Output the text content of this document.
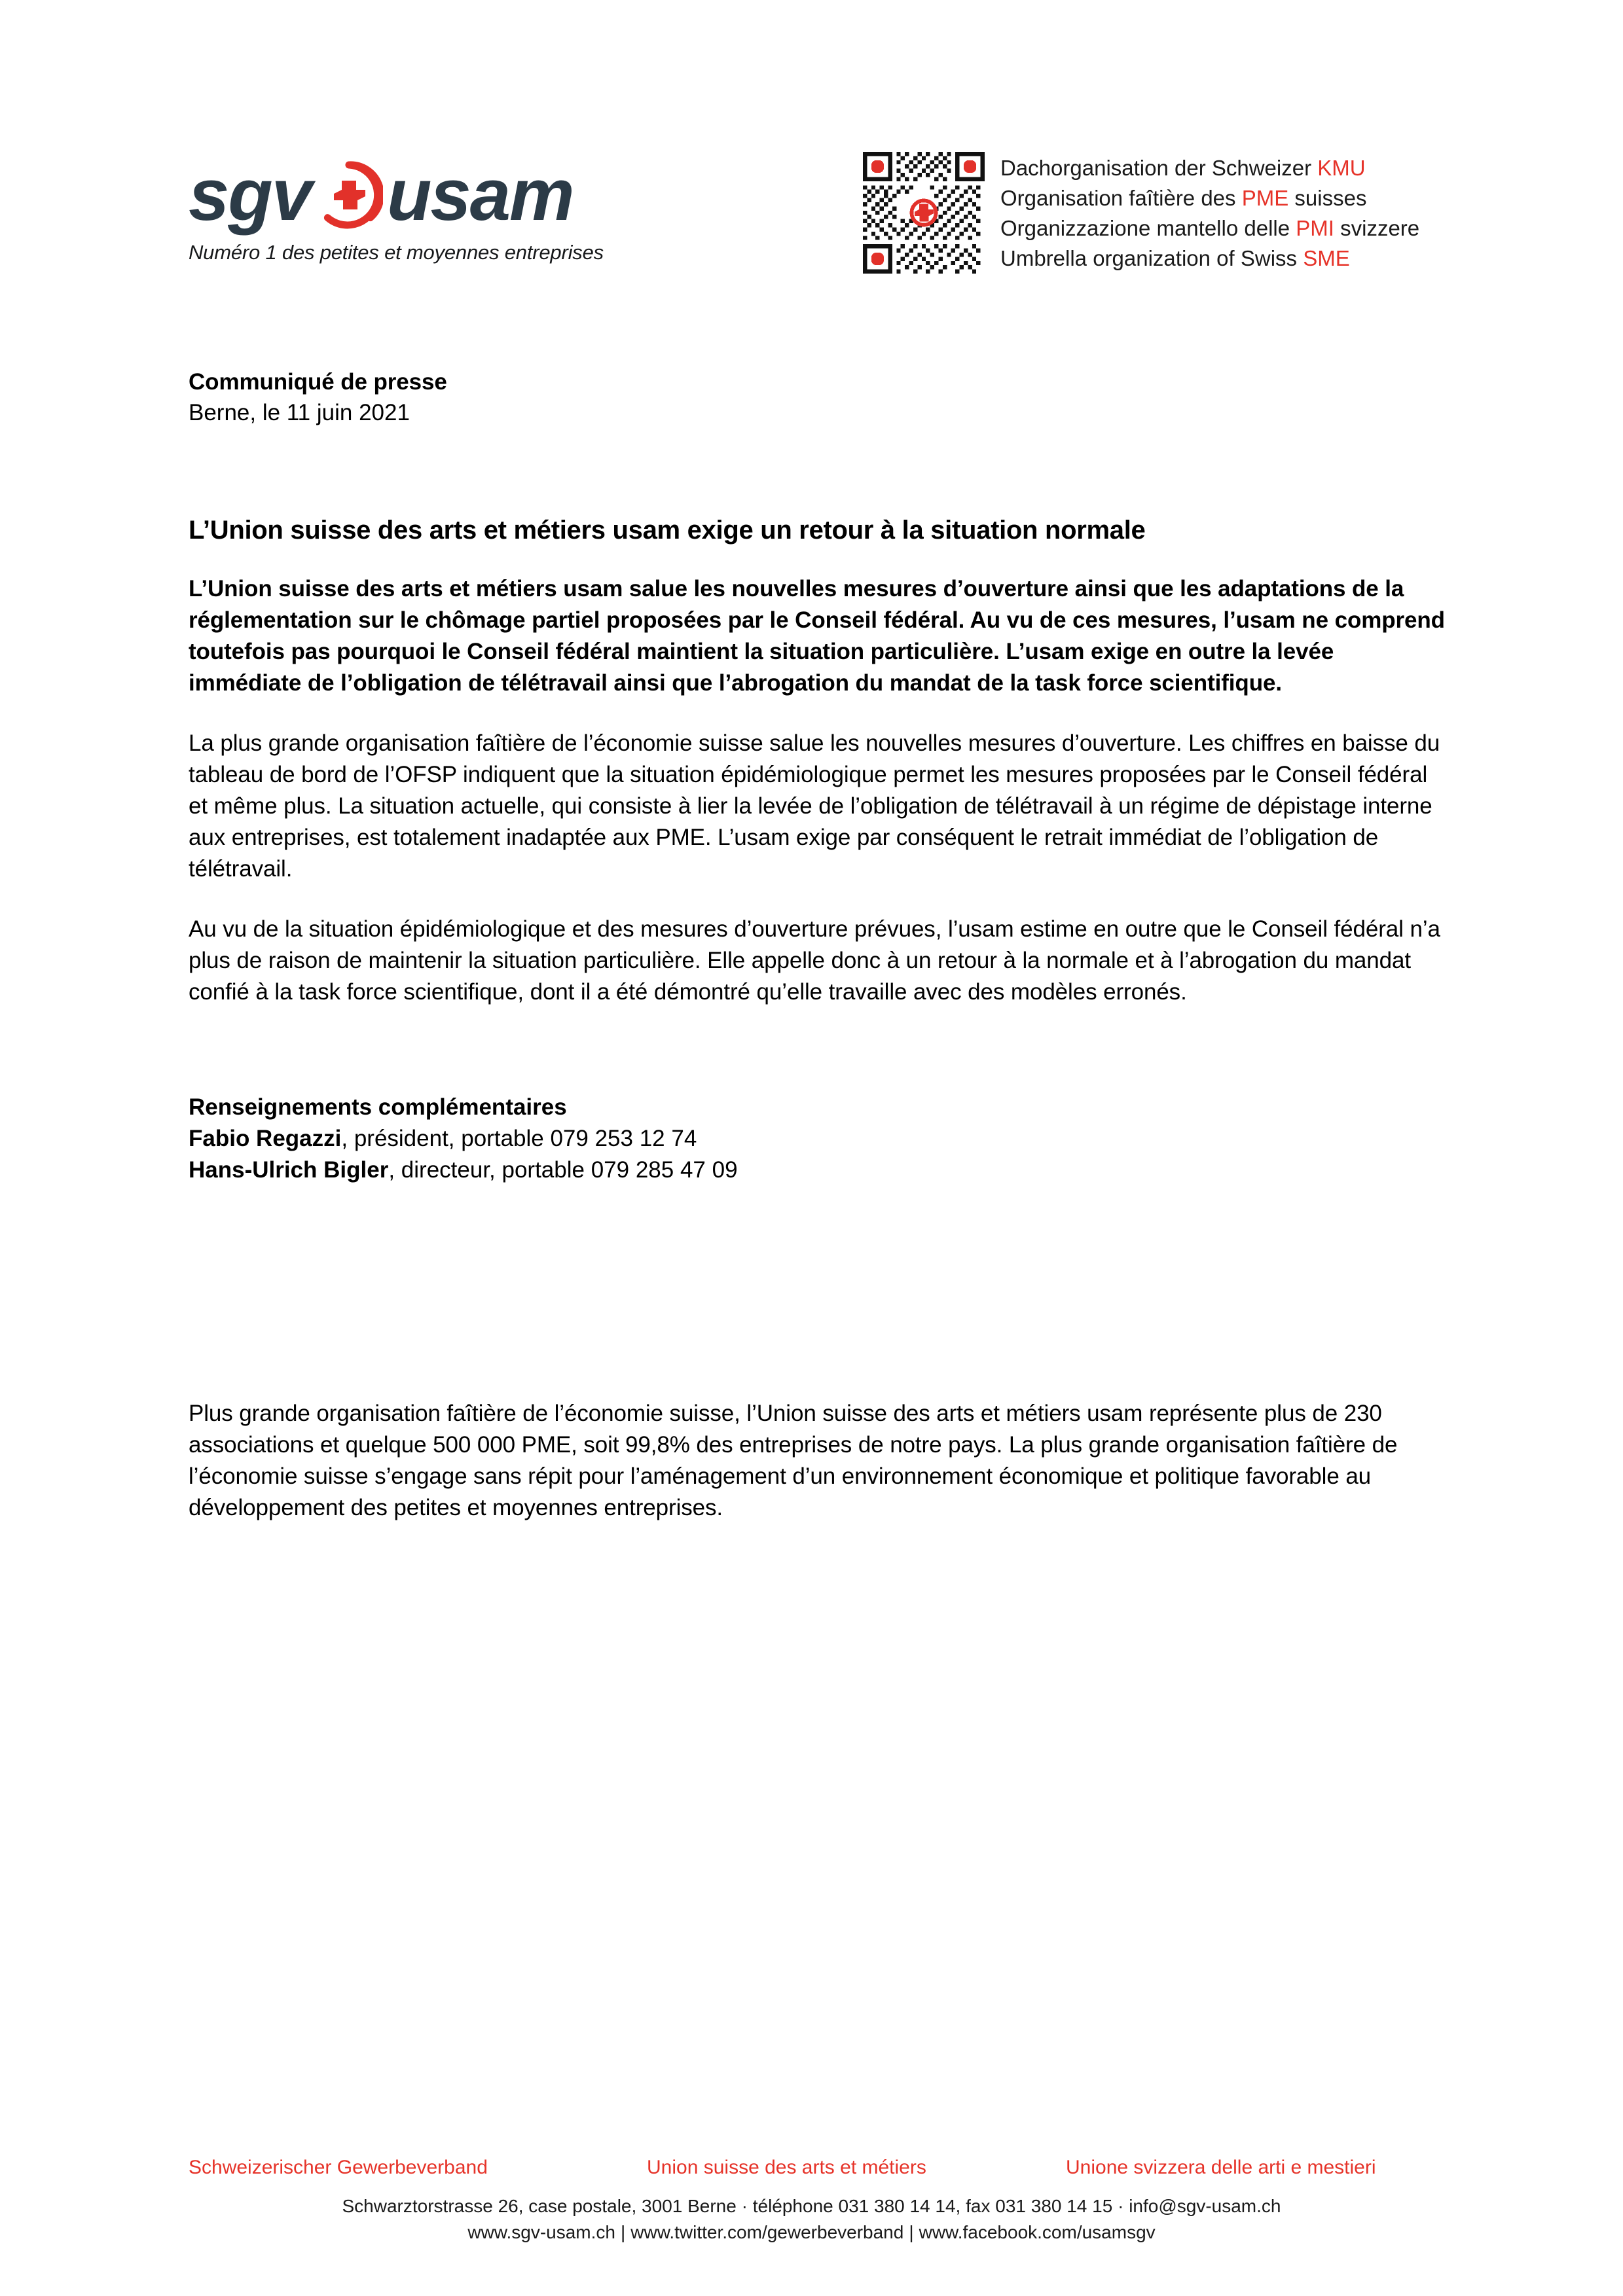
sgv usam
Numéro 1 des petites et moyennes entreprises
Dachorganisation der Schweizer KMU
Organisation faîtière des PME suisses
Organizzazione mantello delle PMI svizzere
Umbrella organization of Swiss SME
Communiqué de presse
Berne, le 11 juin 2021
L’Union suisse des arts et métiers usam exige un retour à la situation normale
L’Union suisse des arts et métiers usam salue les nouvelles mesures d’ouverture ainsi que les adaptations de la réglementation sur le chômage partiel proposées par le Conseil fédéral. Au vu de ces mesures, l’usam ne comprend toutefois pas pourquoi le Conseil fédéral maintient la situation particulière. L’usam exige en outre la levée immédiate de l’obligation de télétravail ainsi que l’abrogation du mandat de la task force scientifique.
La plus grande organisation faîtière de l’économie suisse salue les nouvelles mesures d’ouverture. Les chiffres en baisse du tableau de bord de l’OFSP indiquent que la situation épidémiologique permet les mesures proposées par le Conseil fédéral et même plus. La situation actuelle, qui consiste à lier la levée de l’obligation de télétravail à un régime de dépistage interne aux entreprises, est totalement inadaptée aux PME. L’usam exige par conséquent le retrait immédiat de l’obligation de télétravail.
Au vu de la situation épidémiologique et des mesures d’ouverture prévues, l’usam estime en outre que le Conseil fédéral n’a plus de raison de maintenir la situation particulière. Elle appelle donc à un retour à la normale et à l’abrogation du mandat confié à la task force scientifique, dont il a été démontré qu’elle travaille avec des modèles erronés.
Renseignements complémentaires
Fabio Regazzi, président, portable 079 253 12 74
Hans-Ulrich Bigler, directeur, portable 079 285 47 09
Plus grande organisation faîtière de l’économie suisse, l’Union suisse des arts et métiers usam représente plus de 230 associations et quelque 500 000 PME, soit 99,8% des entreprises de notre pays. La plus grande organisation faîtière de l’économie suisse s’engage sans répit pour l’aménagement d’un environnement économique et politique favorable au développement des petites et moyennes entreprises.
Schweizerischer Gewerbeverband	Union suisse des arts et métiers	Unione svizzera delle arti e mestieri
Schwarztorstrasse 26, case postale, 3001 Berne · téléphone 031 380 14 14, fax 031 380 14 15 · info@sgv-usam.ch
www.sgv-usam.ch | www.twitter.com/gewerbeverband | www.facebook.com/usamsgv
